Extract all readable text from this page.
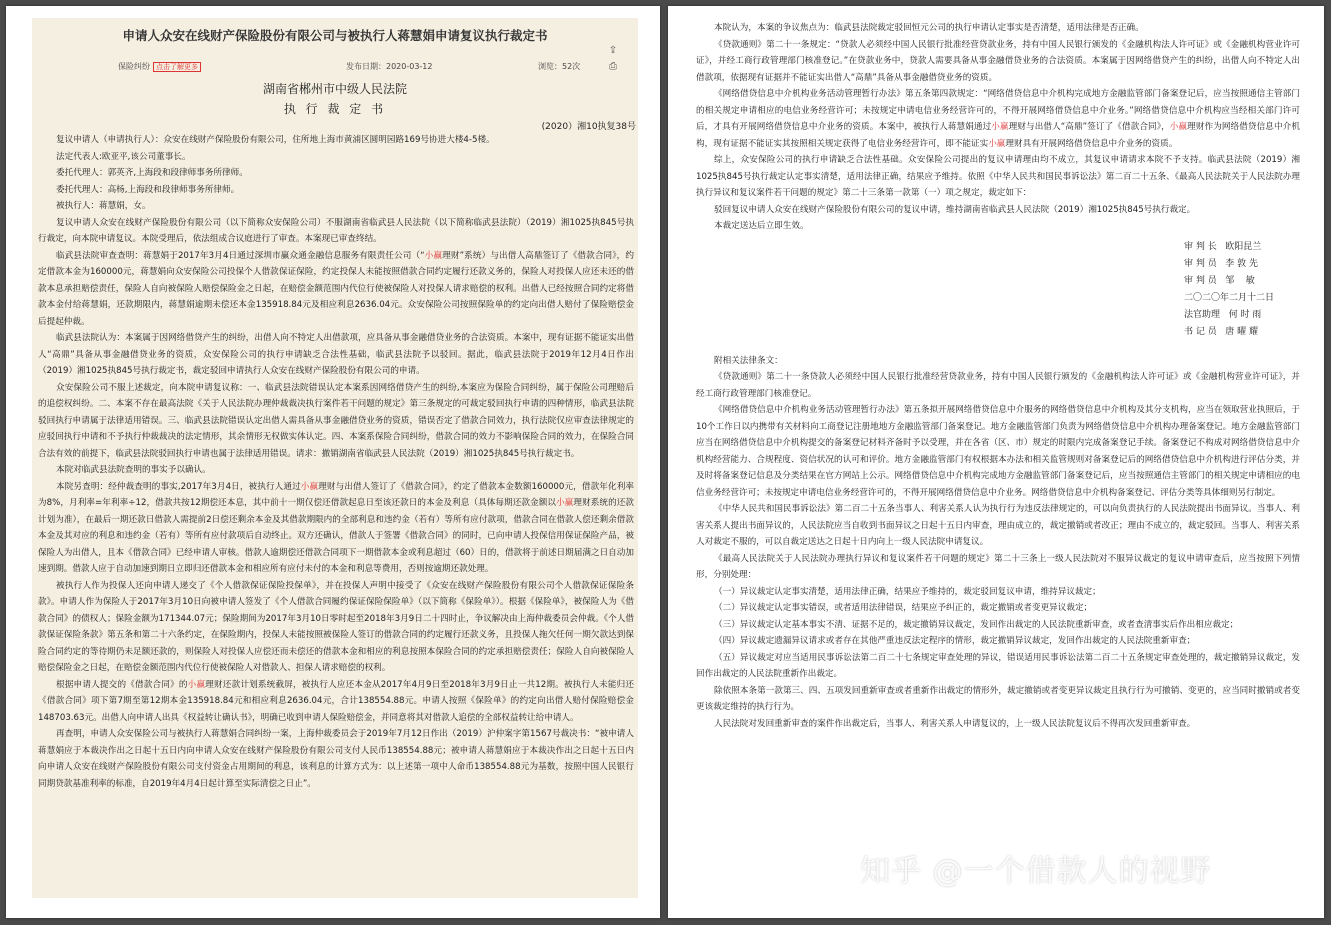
申请人众安在线财产保险股份有限公司与被执行人蒋慧娟申请复议执行裁定书
保险纠纷 点击了解更多	发布日期：2020-03-12	浏览：52次
⇪
⎙
湖南省郴州市中级人民法院
执 行 裁 定 书
(2020）湘10执复38号

复议申请人（申请执行人）：众安在线财产保险股份有限公司，住所地上海市黄浦区圆明园路169号协进大楼4-5楼。

法定代表人:欧亚平,该公司董事长。

委托代理人：郭英齐,上海段和段律师事务所律师。

委托代理人：高杨,上海段和段律师事务所律师。

被执行人：蒋慧娟，女。

复议申请人众安在线财产保险股份有限公司（以下简称众安保险公司）不服湖南省临武县人民法院（以下简称临武县法院）（2019）湘1025执845号执行裁定，向本院申请复议。本院受理后，依法组成合议庭进行了审查。本案现已审查终结。

临武县法院审查查明：蒋慧娟于2017年3月4日通过深圳市赢众通金融信息服务有限责任公司（“小赢理财”系统）与出借人高鼎签订了《借款合同》，约定借款本金为160000元，蒋慧娟向众安保险公司投保个人借款保证保险，约定投保人未能按照借款合同约定履行还款义务的，保险人对投保人应还未还的借款本息承担赔偿责任，保险人自向被保险人赔偿保险金之日起，在赔偿金额范围内代位行使被保险人对投保人请求赔偿的权利。出借人已经按照合同约定将借款本金付给蒋慧娟，还款期限内，蒋慧娟逾期未偿还本金135918.84元及相应利息2636.04元。众安保险公司按照保险单的约定向出借人赔付了保险赔偿金后提起仲裁。

临武县法院认为：本案属于因网络借贷产生的纠纷，出借人向不特定人出借款项，应具备从事金融借贷业务的合法资质。本案中，现有证据不能证实出借人“高鼎”具备从事金融借贷业务的资质，众安保险公司的执行申请缺乏合法性基础，临武县法院予以驳回。据此，临武县法院于2019年12月4日作出（2019）湘1025执845号执行裁定书，裁定驳回申请执行人众安在线财产保险股份有限公司的申请。

众安保险公司不服上述裁定，向本院申请复议称：一、临武县法院错误认定本案系因网络借贷产生的纠纷,本案应为保险合同纠纷，属于保险公司理赔后的追偿权纠纷。二、本案不存在最高法院《关于人民法院办理仲裁裁决执行案件若干问题的规定》第三条规定的可裁定驳回执行申请的四种情形，临武县法院驳回执行申请属于法律适用错误。三、临武县法院错误认定出借人需具备从事金融借贷业务的资质，错误否定了借款合同效力，执行法院仅应审查法律规定的应驳回执行申请和不予执行仲裁裁决的法定情形，其余情形无权做实体认定。四、本案系保险合同纠纷，借款合同的效力不影响保险合同的效力，在保险合同合法有效的前提下，临武县法院驳回执行申请也属于法律适用错误。请求：撤销湖南省临武县人民法院（2019）湘1025执845号执行裁定书。

本院对临武县法院查明的事实予以确认。

本院另查明：经仲裁查明的事实,2017年3月4日，被执行人通过小赢理财与出借人签订了《借款合同》，约定了借款本金数额160000元，借款年化利率为8%，月利率=年利率÷12，借款共按12期偿还本息，其中前十一期仅偿还借款起息日至该还款日的本金及利息（具体每期还款金额以小赢理财系统的还款计划为准），在最后一期还款日借款人需提前2日偿还剩余本金及其借款期限内的全部利息和违约金（若有）等所有应付款项，借款合同在借款人偿还剩余借款本金及其对应的利息和违约金（若有）等所有应付款项后自动终止。双方还确认，借款人于签署《借款合同》的同时，已向申请人投保信用保证保险产品，被保险人为出借人，且本《借款合同》已经申请人审核。借款人逾期偿还借款合同项下一期借款本金或利息超过（60）日的，借款将于前述日期届满之日自动加速到期。借款人应于自动加速到期日立即归还借款本金和相应所有应付未付的本金和利息等费用，否则按逾期还款处理。

被执行人作为投保人还向申请人递交了《个人借款保证保险投保单》，并在投保人声明中接受了《众安在线财产保险股份有限公司个人借款保证保险条款》。申请人作为保险人于2017年3月10日向被申请人签发了《个人借款合同履约保证保险保险单》（以下简称《保险单》）。根据《保险单》，被保险人为《借款合同》的债权人；保险金额为171344.07元；保险期间为2017年3月10日零时起至2018年3月9日二十四时止，争议解决由上海仲裁委员会仲裁。《个人借款保证保险条款》第五条和第二十六条约定，在保险期内，投保人未能按照被保险人签订的借款合同的约定履行还款义务，且投保人拖欠任何一期欠款达到保险合同约定的等待期仍未足额还款的，则保险人对投保人应偿还而未偿还的借款本金和相应的利息按照本保险合同的约定承担赔偿责任；保险人自向被保险人赔偿保险金之日起，在赔偿金额范围内代位行使被保险人对借款人、担保人请求赔偿的权利。

根据申请人提交的《借款合同》的小赢理财还款计划系统截屏，被执行人应还本金从2017年4月9日至2018年3月9日止一共12期。被执行人未能归还《借款合同》项下第7期至第12期本金135918.84元和相应利息2636.04元，合计138554.88元。申请人按照《保险单》的约定向出借人赔付保险赔偿金148703.63元。出借人向申请人出具《权益转让确认书》，明确已收到申请人保险赔偿金，并同意将其对借款人追偿的全部权益转让给申请人。

再查明，申请人众安保险公司与被执行人蒋慧娟合同纠纷一案，上海仲裁委员会于2019年7月12日作出（2019）沪仲案字第1567号裁决书：“被申请人蒋慧娟应于本裁决作出之日起十五日内向申请人众安在线财产保险股份有限公司支付人民币138554.88元；被申请人蒋慧娟应于本裁决作出之日起十五日内向申请人众安在线财产保险股份有限公司支付资金占用期间的利息，该利息的计算方式为：以上述第一项中人命币138554.88元为基数，按照中国人民银行同期贷款基准利率的标准，自2019年4月4日起计算至实际清偿之日止”。

本院认为，本案的争议焦点为：临武县法院裁定驳回恒元公司的执行申请认定事实是否清楚，适用法律是否正确。

《贷款通则》第二十一条规定：“贷款人必须经中国人民银行批准经营贷款业务，持有中国人民银行颁发的《金融机构法人许可证》或《金融机构营业许可证》，并经工商行政管理部门核准登记。”在贷款业务中，贷款人需要具备从事金融借贷业务的合法资质。本案属于因网络借贷产生的纠纷，出借人向不特定人出借款项，依据现有证据并不能证实出借人“高鼎”具备从事金融借贷业务的资质。

《网络借贷信息中介机构业务活动管理暂行办法》第五条第四款规定：“网络借贷信息中介机构完成地方金融监管部门备案登记后，应当按照通信主管部门的相关规定申请相应的电信业务经营许可；未按规定申请电信业务经营许可的，不得开展网络借贷信息中介业务。”网络借贷信息中介机构应当经相关部门许可后，才具有开展网络借贷信息中介业务的资质。本案中，被执行人蒋慧娟通过小赢理财与出借人“高鼎”签订了《借款合同》，小赢理财作为网络借贷信息中介机构，现有证据不能证实其按照相关规定获得了电信业务经营许可，即不能证实小赢理财具有开展网络借贷信息中介业务的资质。

综上，众安保险公司的执行申请缺乏合法性基础。众安保险公司提出的复议申请理由均不成立，其复议申请请求本院不予支持。临武县法院（2019）湘1025执845号执行裁定认定事实清楚，适用法律正确，结果应予维持。依照《中华人民共和国民事诉讼法》第二百二十五条、《最高人民法院关于人民法院办理执行异议和复议案件若干问题的规定》第二十三条第一款第（一）项之规定，裁定如下：

驳回复议申请人众安在线财产保险股份有限公司的复议申请，维持湖南省临武县人民法院（2019）湘1025执845号执行裁定。

本裁定送达后立即生效。

审 判 长   欧阳昆兰
审 判 员   李 敦 先
审 判 员   邹    敏
二〇二〇年二月十二日
法官助理   何 时 雨
书 记 员   唐 曜 耀

附相关法律条文：

《贷款通则》第二十一条贷款人必须经中国人民银行批准经营贷款业务，持有中国人民银行颁发的《金融机构法人许可证》或《金融机构营业许可证》，并经工商行政管理部门核准登记。

《网络借贷信息中介机构业务活动管理暂行办法》第五条拟开展网络借贷信息中介服务的网络借贷信息中介机构及其分支机构，应当在领取营业执照后，于10个工作日以内携带有关材料向工商登记注册地地方金融监管部门备案登记。地方金融监管部门负责为网络借贷信息中介机构办理备案登记。地方金融监管部门应当在网络借贷信息中介机构提交的备案登记材料齐备时予以受理，并在各省（区、市）规定的时限内完成备案登记手续。备案登记不构成对网络借贷信息中介机构经营能力、合规程度、资信状况的认可和评价。地方金融监管部门有权根据本办法和相关监管规则对备案登记后的网络借贷信息中介机构进行评估分类，并及时将备案登记信息及分类结果在官方网站上公示。网络借贷信息中介机构完成地方金融监管部门备案登记后，应当按照通信主管部门的相关规定申请相应的电信业务经营许可；未按规定申请电信业务经营许可的，不得开展网络借贷信息中介业务。网络借贷信息中介机构备案登记、评估分类等具体细则另行制定。

《中华人民共和国民事诉讼法》第二百二十五条当事人、利害关系人认为执行行为违反法律规定的，可以向负责执行的人民法院提出书面异议。当事人、利害关系人提出书面异议的，人民法院应当自收到书面异议之日起十五日内审查，理由成立的，裁定撤销或者改正；理由不成立的，裁定驳回。当事人、利害关系人对裁定不服的，可以自裁定送达之日起十日内向上一级人民法院申请复议。

《最高人民法院关于人民法院办理执行异议和复议案件若干问题的规定》第二十三条上一级人民法院对不服异议裁定的复议申请审查后，应当按照下列情形，分别处理：

（一）异议裁定认定事实清楚，适用法律正确，结果应予维持的，裁定驳回复议申请，维持异议裁定；

（二）异议裁定认定事实错误，或者适用法律错误，结果应予纠正的，裁定撤销或者变更异议裁定；

（三）异议裁定认定基本事实不清、证据不足的，裁定撤销异议裁定，发回作出裁定的人民法院重新审查，或者查清事实后作出相应裁定；

（四）异议裁定遗漏异议请求或者存在其他严重违反法定程序的情形，裁定撤销异议裁定，发回作出裁定的人民法院重新审查；

（五）异议裁定对应当适用民事诉讼法第二百二十七条规定审查处理的异议，错误适用民事诉讼法第二百二十五条规定审查处理的，裁定撤销异议裁定，发回作出裁定的人民法院重新作出裁定。

除依照本条第一款第三、四、五项发回重新审查或者重新作出裁定的情形外，裁定撤销或者变更异议裁定且执行行为可撤销、变更的，应当同时撤销或者变更该裁定维持的执行行为。

人民法院对发回重新审查的案件作出裁定后，当事人、利害关系人申请复议的，上一级人民法院复议后不得再次发回重新审查。

知乎 @一个借款人的视野
